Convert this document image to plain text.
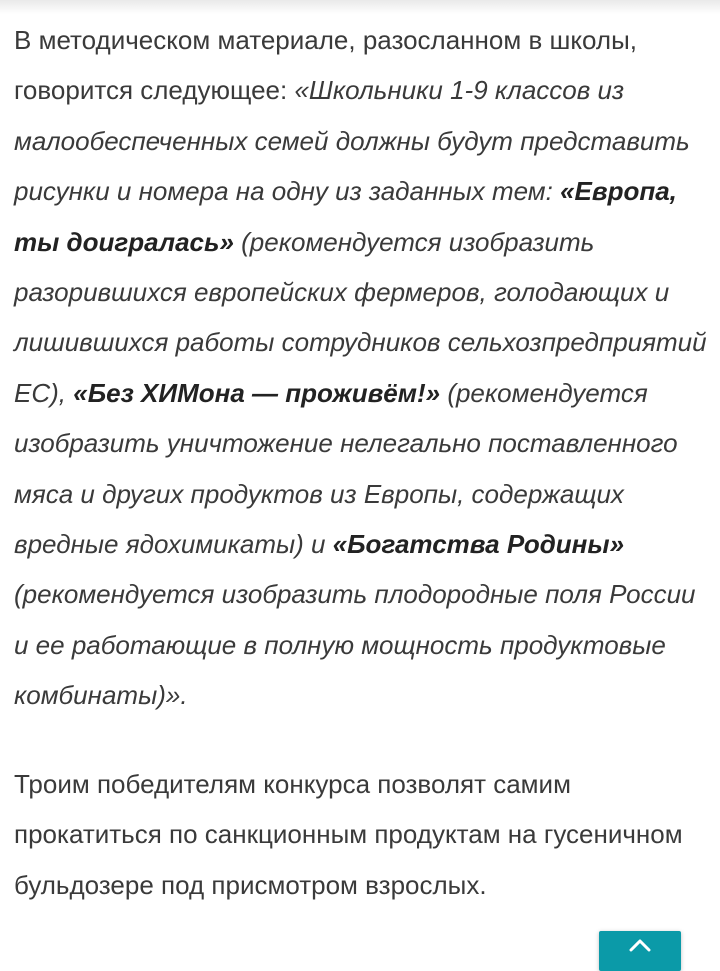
В методическом материале, разосланном в школы, говорится следующее: «Школьники 1-9 классов из малообеспеченных семей должны будут представить рисунки и номера на одну из заданных тем: «Европа, ты доигралась» (рекомендуется изобразить разорившихся европейских фермеров, голодающих и лишившихся работы сотрудников сельхозпредприятий ЕС), «Без ХИМона — проживём!» (рекомендуется изобразить уничтожение нелегально поставленного мяса и других продуктов из Европы, содержащих вредные ядохимикаты) и «Богатства Родины» (рекомендуется изобразить плодородные поля России и ее работающие в полную мощность продуктовые комбинаты)».

Троим победителям конкурса позволят самим прокатиться по санкционным продуктам на гусеничном бульдозере под присмотром взрослых.
